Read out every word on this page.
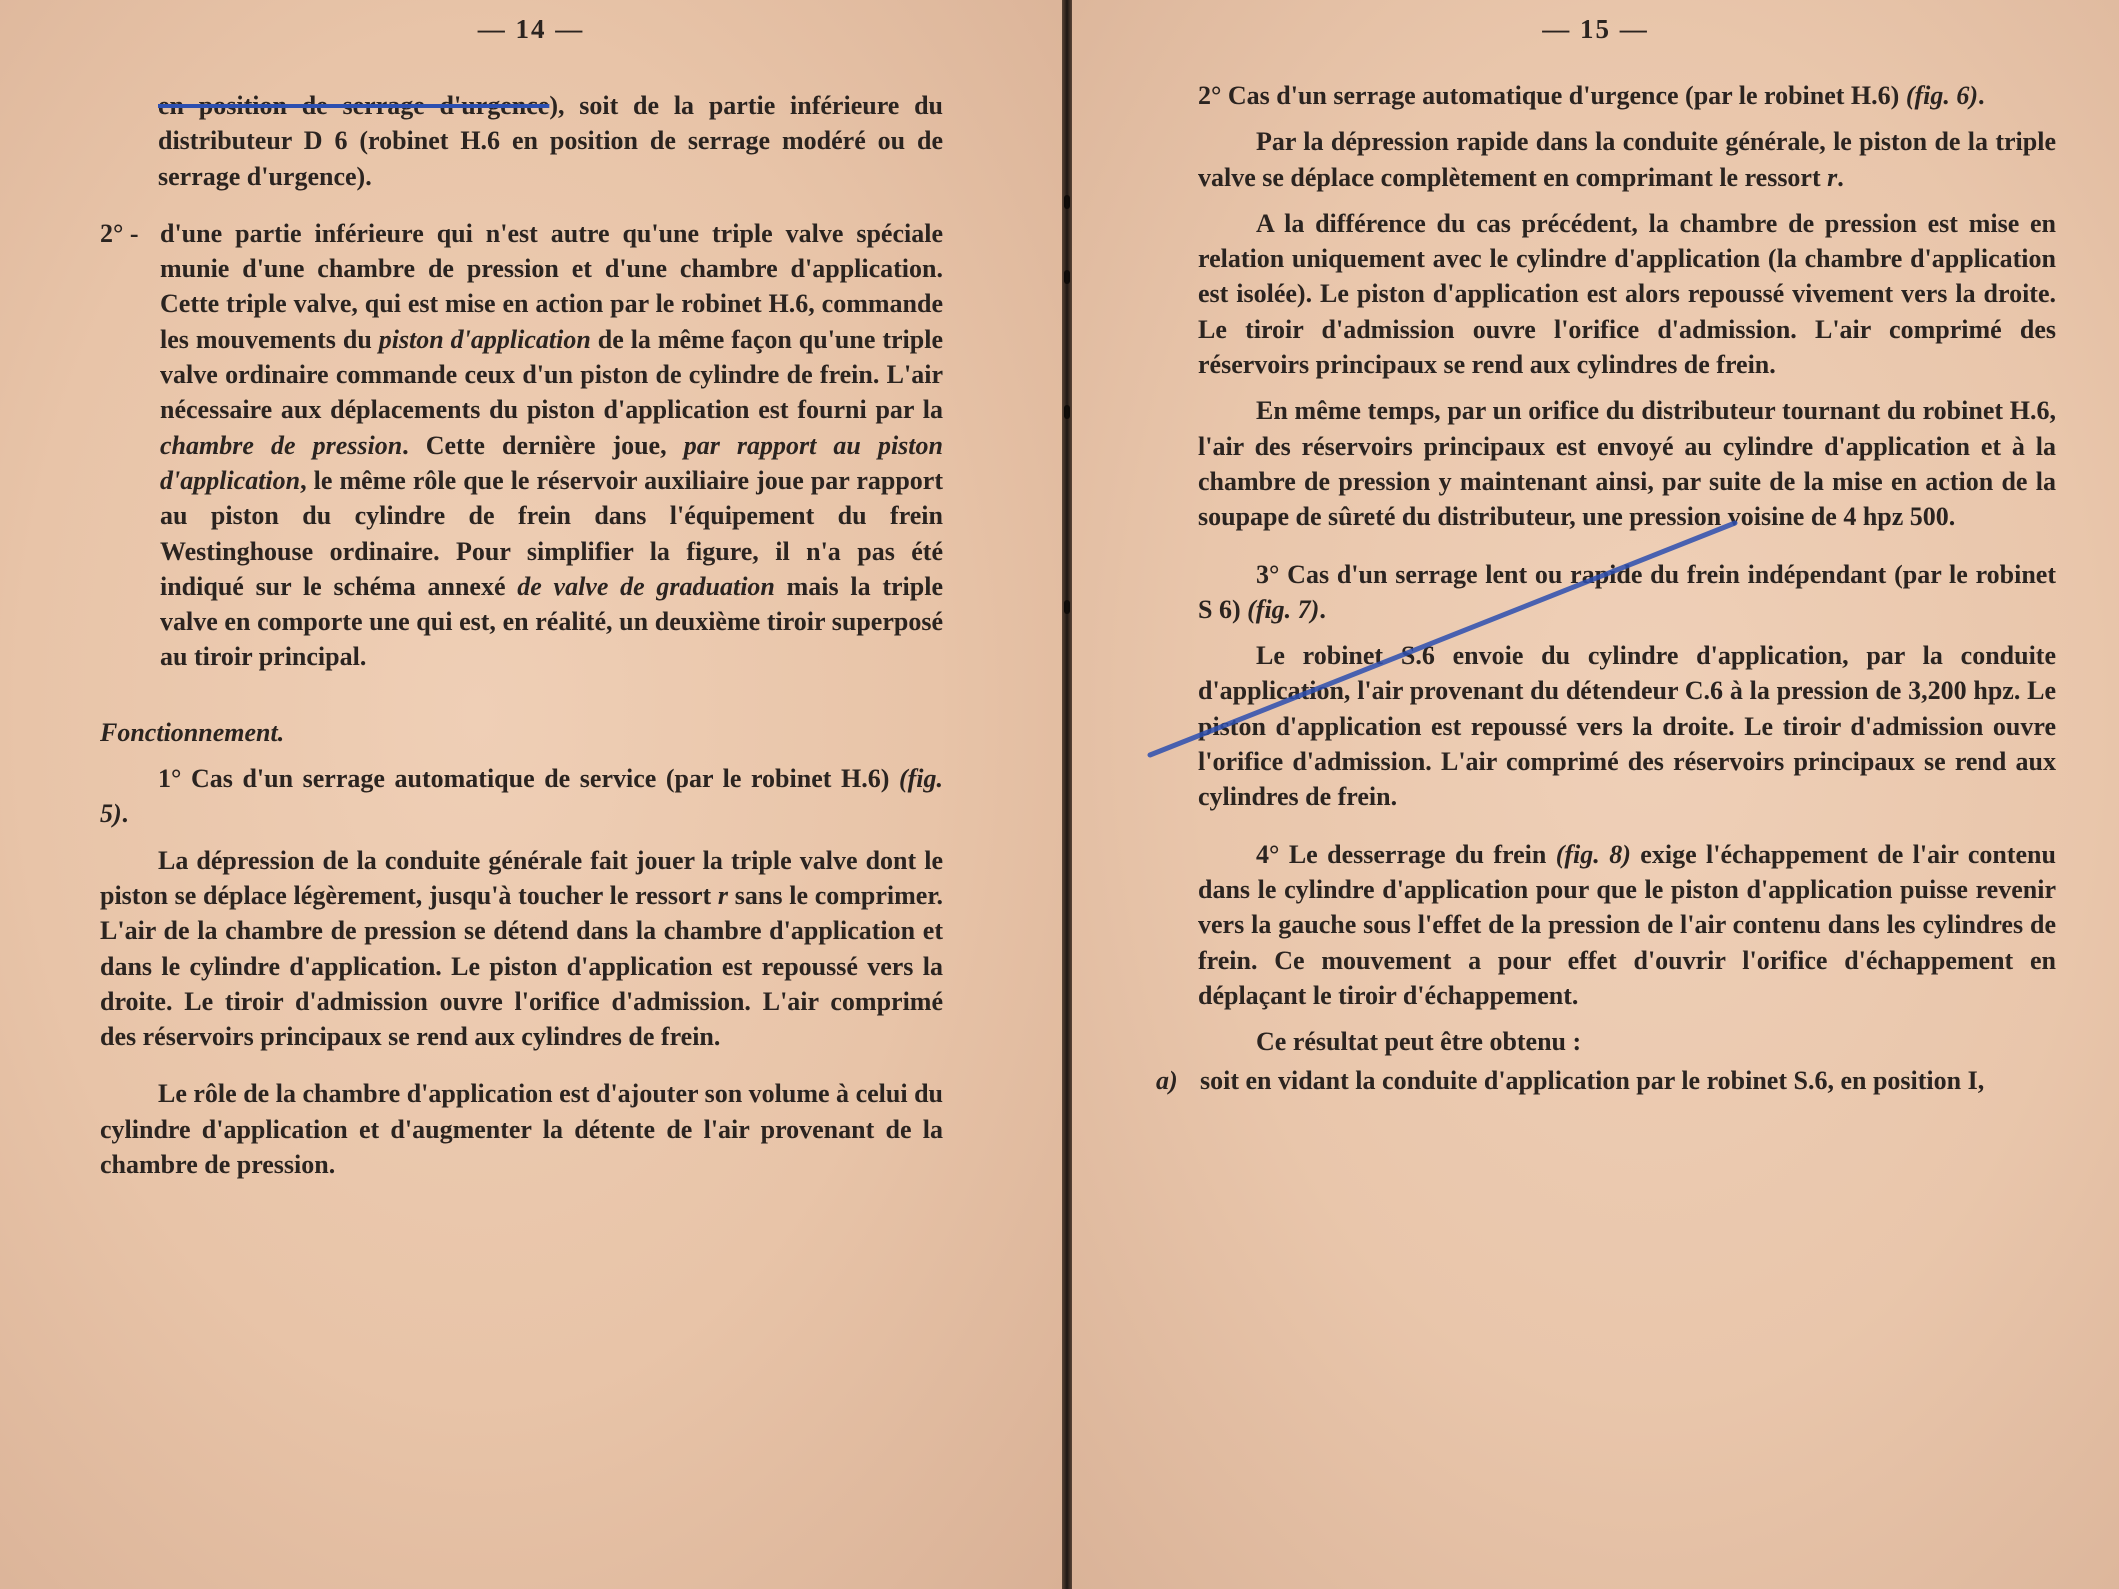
— 14 —

en position de serrage d'urgence), soit de la partie inférieure du distributeur D 6 (robinet H.6 en position de serrage modéré ou de serrage d'urgence).

2° - d'une partie inférieure qui n'est autre qu'une triple valve spéciale munie d'une chambre de pression et d'une chambre d'application. Cette triple valve, qui est mise en action par le robinet H.6, commande les mouvements du piston d'application de la même façon qu'une triple valve ordinaire commande ceux d'un piston de cylindre de frein. L'air nécessaire aux déplacements du piston d'application est fourni par la chambre de pression. Cette dernière joue, par rapport au piston d'application, le même rôle que le réservoir auxiliaire joue par rapport au piston du cylindre de frein dans l'équipement du frein Westinghouse ordinaire. Pour simplifier la figure, il n'a pas été indiqué sur le schéma annexé de valve de graduation mais la triple valve en comporte une qui est, en réalité, un deuxième tiroir superposé au tiroir principal.

Fonctionnement.

1° Cas d'un serrage automatique de service (par le robinet H.6) (fig. 5).

La dépression de la conduite générale fait jouer la triple valve dont le piston se déplace légèrement, jusqu'à toucher le ressort r sans le comprimer. L'air de la chambre de pression se détend dans la chambre d'application et dans le cylindre d'application. Le piston d'application est repoussé vers la droite. Le tiroir d'admission ouvre l'orifice d'admission. L'air comprimé des réservoirs principaux se rend aux cylindres de frein.

Le rôle de la chambre d'application est d'ajouter son volume à celui du cylindre d'application et d'augmenter la détente de l'air provenant de la chambre de pression.

— 15 —

2° Cas d'un serrage automatique d'urgence (par le robinet H.6) (fig. 6).

Par la dépression rapide dans la conduite générale, le piston de la triple valve se déplace complètement en comprimant le ressort r.

A la différence du cas précédent, la chambre de pression est mise en relation uniquement avec le cylindre d'application (la chambre d'application est isolée). Le piston d'application est alors repoussé vivement vers la droite. Le tiroir d'admission ouvre l'orifice d'admission. L'air comprimé des réservoirs principaux se rend aux cylindres de frein.

En même temps, par un orifice du distributeur tournant du robinet H.6, l'air des réservoirs principaux est envoyé au cylindre d'application et à la chambre de pression y maintenant ainsi, par suite de la mise en action de la soupape de sûreté du distributeur, une pression voisine de 4 hpz 500.

3° Cas d'un serrage lent ou rapide du frein indépendant (par le robinet S 6) (fig. 7).

Le robinet S.6 envoie du cylindre d'application, par la conduite d'application, l'air provenant du détendeur C.6 à la pression de 3,200 hpz. Le piston d'application est repoussé vers la droite. Le tiroir d'admission ouvre l'orifice d'admission. L'air comprimé des réservoirs principaux se rend aux cylindres de frein.

4° Le desserrage du frein (fig. 8) exige l'échappement de l'air contenu dans le cylindre d'application pour que le piston d'application puisse revenir vers la gauche sous l'effet de la pression de l'air contenu dans les cylindres de frein. Ce mouvement a pour effet d'ouvrir l'orifice d'échappement en déplaçant le tiroir d'échappement.

Ce résultat peut être obtenu :

a) soit en vidant la conduite d'application par le robinet S.6, en position I,
